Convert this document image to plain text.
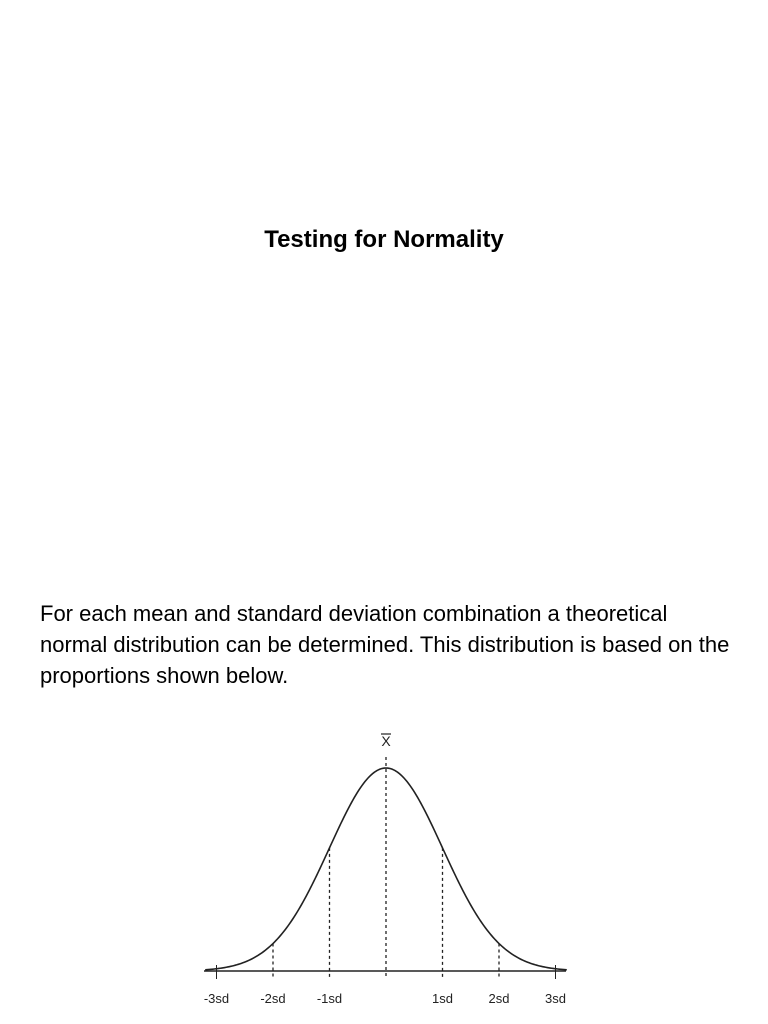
Testing for Normality

For each mean and standard deviation combination a theoretical normal distribution can be determined. This distribution is based on the proportions shown below.

-3sd -2sd -1sd	1sd	2sd	3sd
X
